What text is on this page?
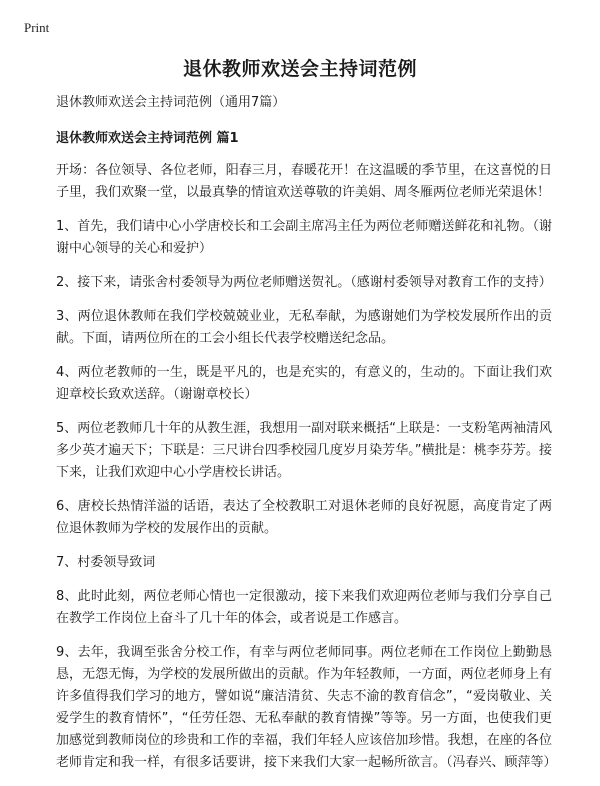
Print
退休教师欢送会主持词范例

退休教师欢送会主持词范例（通用7篇）

退休教师欢送会主持词范例 篇1

开场：各位领导、各位老师，阳春三月，春暖花开！在这温暖的季节里，在这喜悦的日子里，我们欢聚一堂，以最真挚的情谊欢送尊敬的许美娟、周冬雁两位老师光荣退休！

1、首先，我们请中心小学唐校长和工会副主席冯主任为两位老师赠送鲜花和礼物。（谢谢中心领导的关心和爱护）

2、接下来，请张舍村委领导为两位老师赠送贺礼。（感谢村委领导对教育工作的支持）

3、两位退休教师在我们学校兢兢业业，无私奉献，为感谢她们为学校发展所作出的贡献。下面，请两位所在的工会小组长代表学校赠送纪念品。

4、两位老教师的一生，既是平凡的，也是充实的，有意义的，生动的。下面让我们欢迎章校长致欢送辞。（谢谢章校长）

5、两位老教师几十年的从教生涯，我想用一副对联来概括“上联是：一支粉笔两袖清风多少英才遍天下；下联是：三尺讲台四季校园几度岁月染芳华。”横批是：桃李芬芳。接下来，让我们欢迎中心小学唐校长讲话。

6、唐校长热情洋溢的话语，表达了全校教职工对退休老师的良好祝愿，高度肯定了两位退休教师为学校的发展作出的贡献。

7、村委领导致词

8、此时此刻，两位老师心情也一定很激动，接下来我们欢迎两位老师与我们分享自己在教学工作岗位上奋斗了几十年的体会，或者说是工作感言。

9、去年，我调至张舍分校工作，有幸与两位老师同事。两位老师在工作岗位上勤勤恳恳，无怨无悔，为学校的发展所做出的贡献。作为年轻教师，一方面，两位老师身上有许多值得我们学习的地方，譬如说“廉洁清贫、失志不渝的教育信念”，“爱岗敬业、关爱学生的教育情怀”，“任劳任怨、无私奉献的教育情操”等等。另一方面，也使我们更加感觉到教师岗位的珍贵和工作的幸福，我们年轻人应该倍加珍惜。我想，在座的各位老师肯定和我一样，有很多话要讲，接下来我们大家一起畅所欲言。（冯春兴、顾萍等）
